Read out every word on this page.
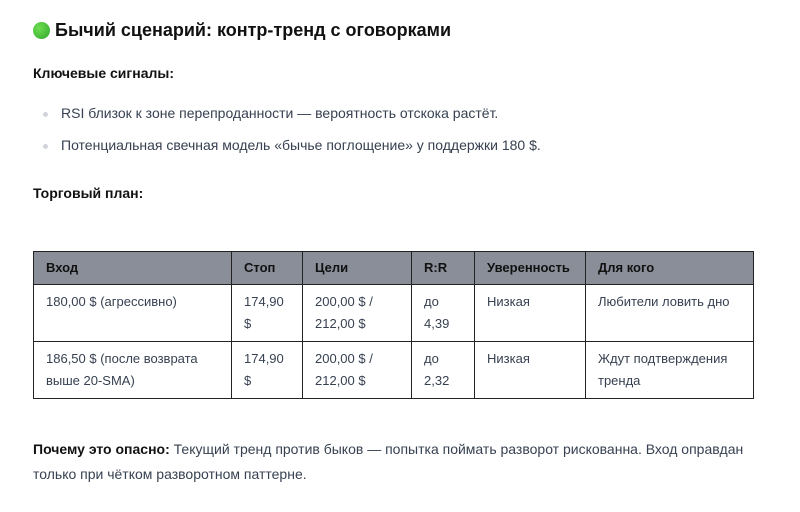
Бычий сценарий: контр-тренд с оговорками
Ключевые сигналы:
RSI близок к зоне перепроданности — вероятность отскока растёт.
Потенциальная свечная модель «бычье поглощение» у поддержки 180 $.
Торговый план:
Вход	Стоп	Цели	R:R	Уверенность	Для кого
180,00 $ (агрессивно)	174,90 $	200,00 $ / 212,00 $	до 4,39	Низкая	Любители ловить дно
186,50 $ (после возврата выше 20-SMA)	174,90 $	200,00 $ / 212,00 $	до 2,32	Низкая	Ждут подтверждения тренда
Почему это опасно: Текущий тренд против быков — попытка поймать разворот рискованна. Вход оправдан только при чётком разворотном паттерне.
